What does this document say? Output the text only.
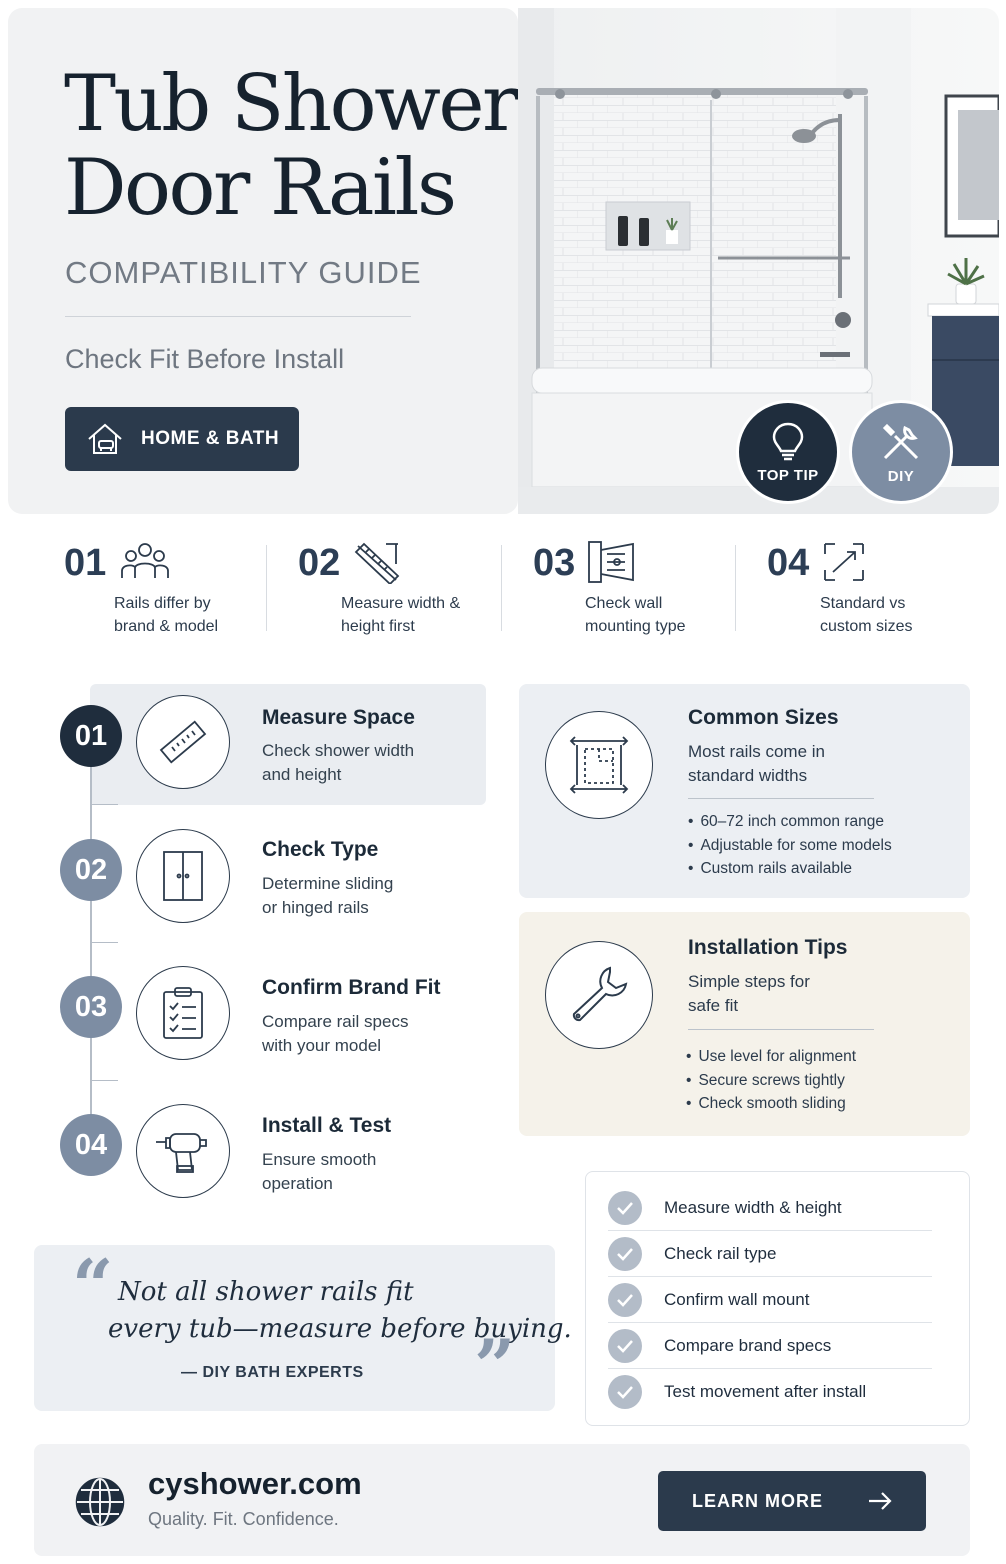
Tub Shower
Door Rails
COMPATIBILITY GUIDE
Check Fit Before Install
HOME & BATH
TOP TIP	DIY
01
Rails differ by
brand & model
02
Measure width &
height first
03
Check wall
mounting type
04
Standard vs
custom sizes
01
Measure Space
Check shower width
and height
02
Check Type
Determine sliding
or hinged rails
03
Confirm Brand Fit
Compare rail specs
with your model
04
Install & Test
Ensure smooth
operation
Common Sizes
Most rails come in
standard widths
• 60–72 inch common range
• Adjustable for some models
• Custom rails available
Installation Tips
Simple steps for
safe fit
• Use level for alignment
• Secure screws tightly
• Check smooth sliding
“ Not all shower rails fit
every tub—measure before buying.
”
— DIY BATH EXPERTS
Measure width & height
Check rail type
Confirm wall mount
Compare brand specs
Test movement after install
cyshower.com
Quality. Fit. Confidence.
LEARN MORE
